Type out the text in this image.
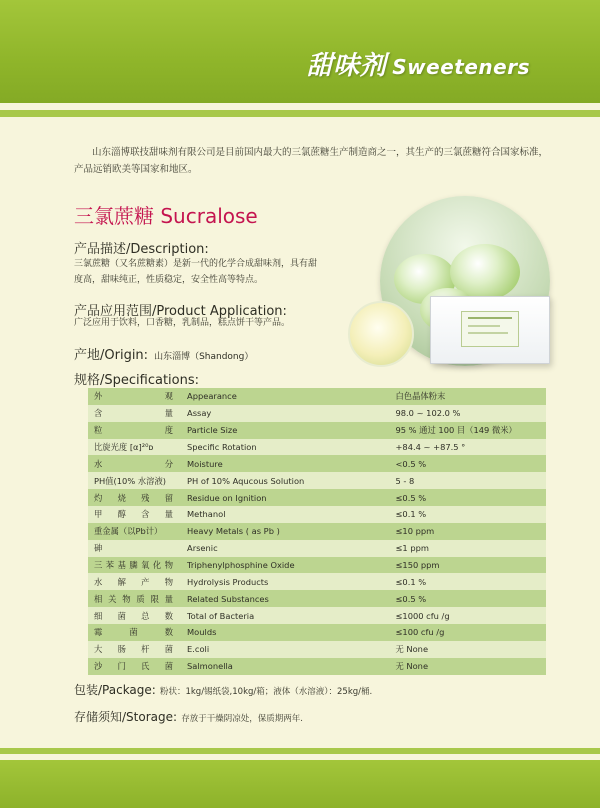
甜味剂 Sweeteners
山东淄博联技甜味剂有限公司是目前国内最大的三氯蔗糖生产制造商之一，其生产的三氯蔗糖符合国家标准，产品远销欧美等国家和地区。
三氯蔗糖 Sucralose
产品描述/Description:
三氯蔗糖（又名蔗糖素）是新一代的化学合成甜味剂，具有甜度高，甜味纯正，性质稳定，安全性高等特点。
产品应用范围/Product Application:
广泛应用于饮料，口香糖，乳制品，糕点饼干等产品。
产地/Origin: 山东淄博（Shandong）
规格/Specifications:
外观	Appearance	白色晶体粉末
含量	Assay	98.0 ~ 102.0 %
粒度	Particle Size	95 % 通过 100 目（149 微米）
比旋光度 [α]²⁰ᴅ	Specific Rotation	+84.4 ~ +87.5 °
水分	Moisture	<0.5 %
PH值(10% 水溶液)	PH of 10% Aqucous Solution	5 - 8
灼烧残留	Residue on Ignition	≤0.5 %
甲醇含量	Methanol	≤0.1 %
重金属（以Pb计）	Heavy Metals ( as Pb )	≤10 ppm
砷	Arsenic	≤1 ppm
三苯基膦氧化物	Triphenylphosphine Oxide	≤150 ppm
水解产物	Hydrolysis Products	≤0.1 %
相关物质限量	Related Substances	≤0.5 %
细菌总数	Total of Bacteria	≤1000 cfu /g
霉菌数	Moulds	≤100 cfu /g
大肠杆菌	E.coli	无 None
沙门氏菌	Salmonella	无 None
包装/Package: 粉状：1kg/锡纸袋,10kg/箱；液体（水溶液）：25kg/桶.
存储须知/Storage: 存放于干燥阴凉处，保质期两年.
